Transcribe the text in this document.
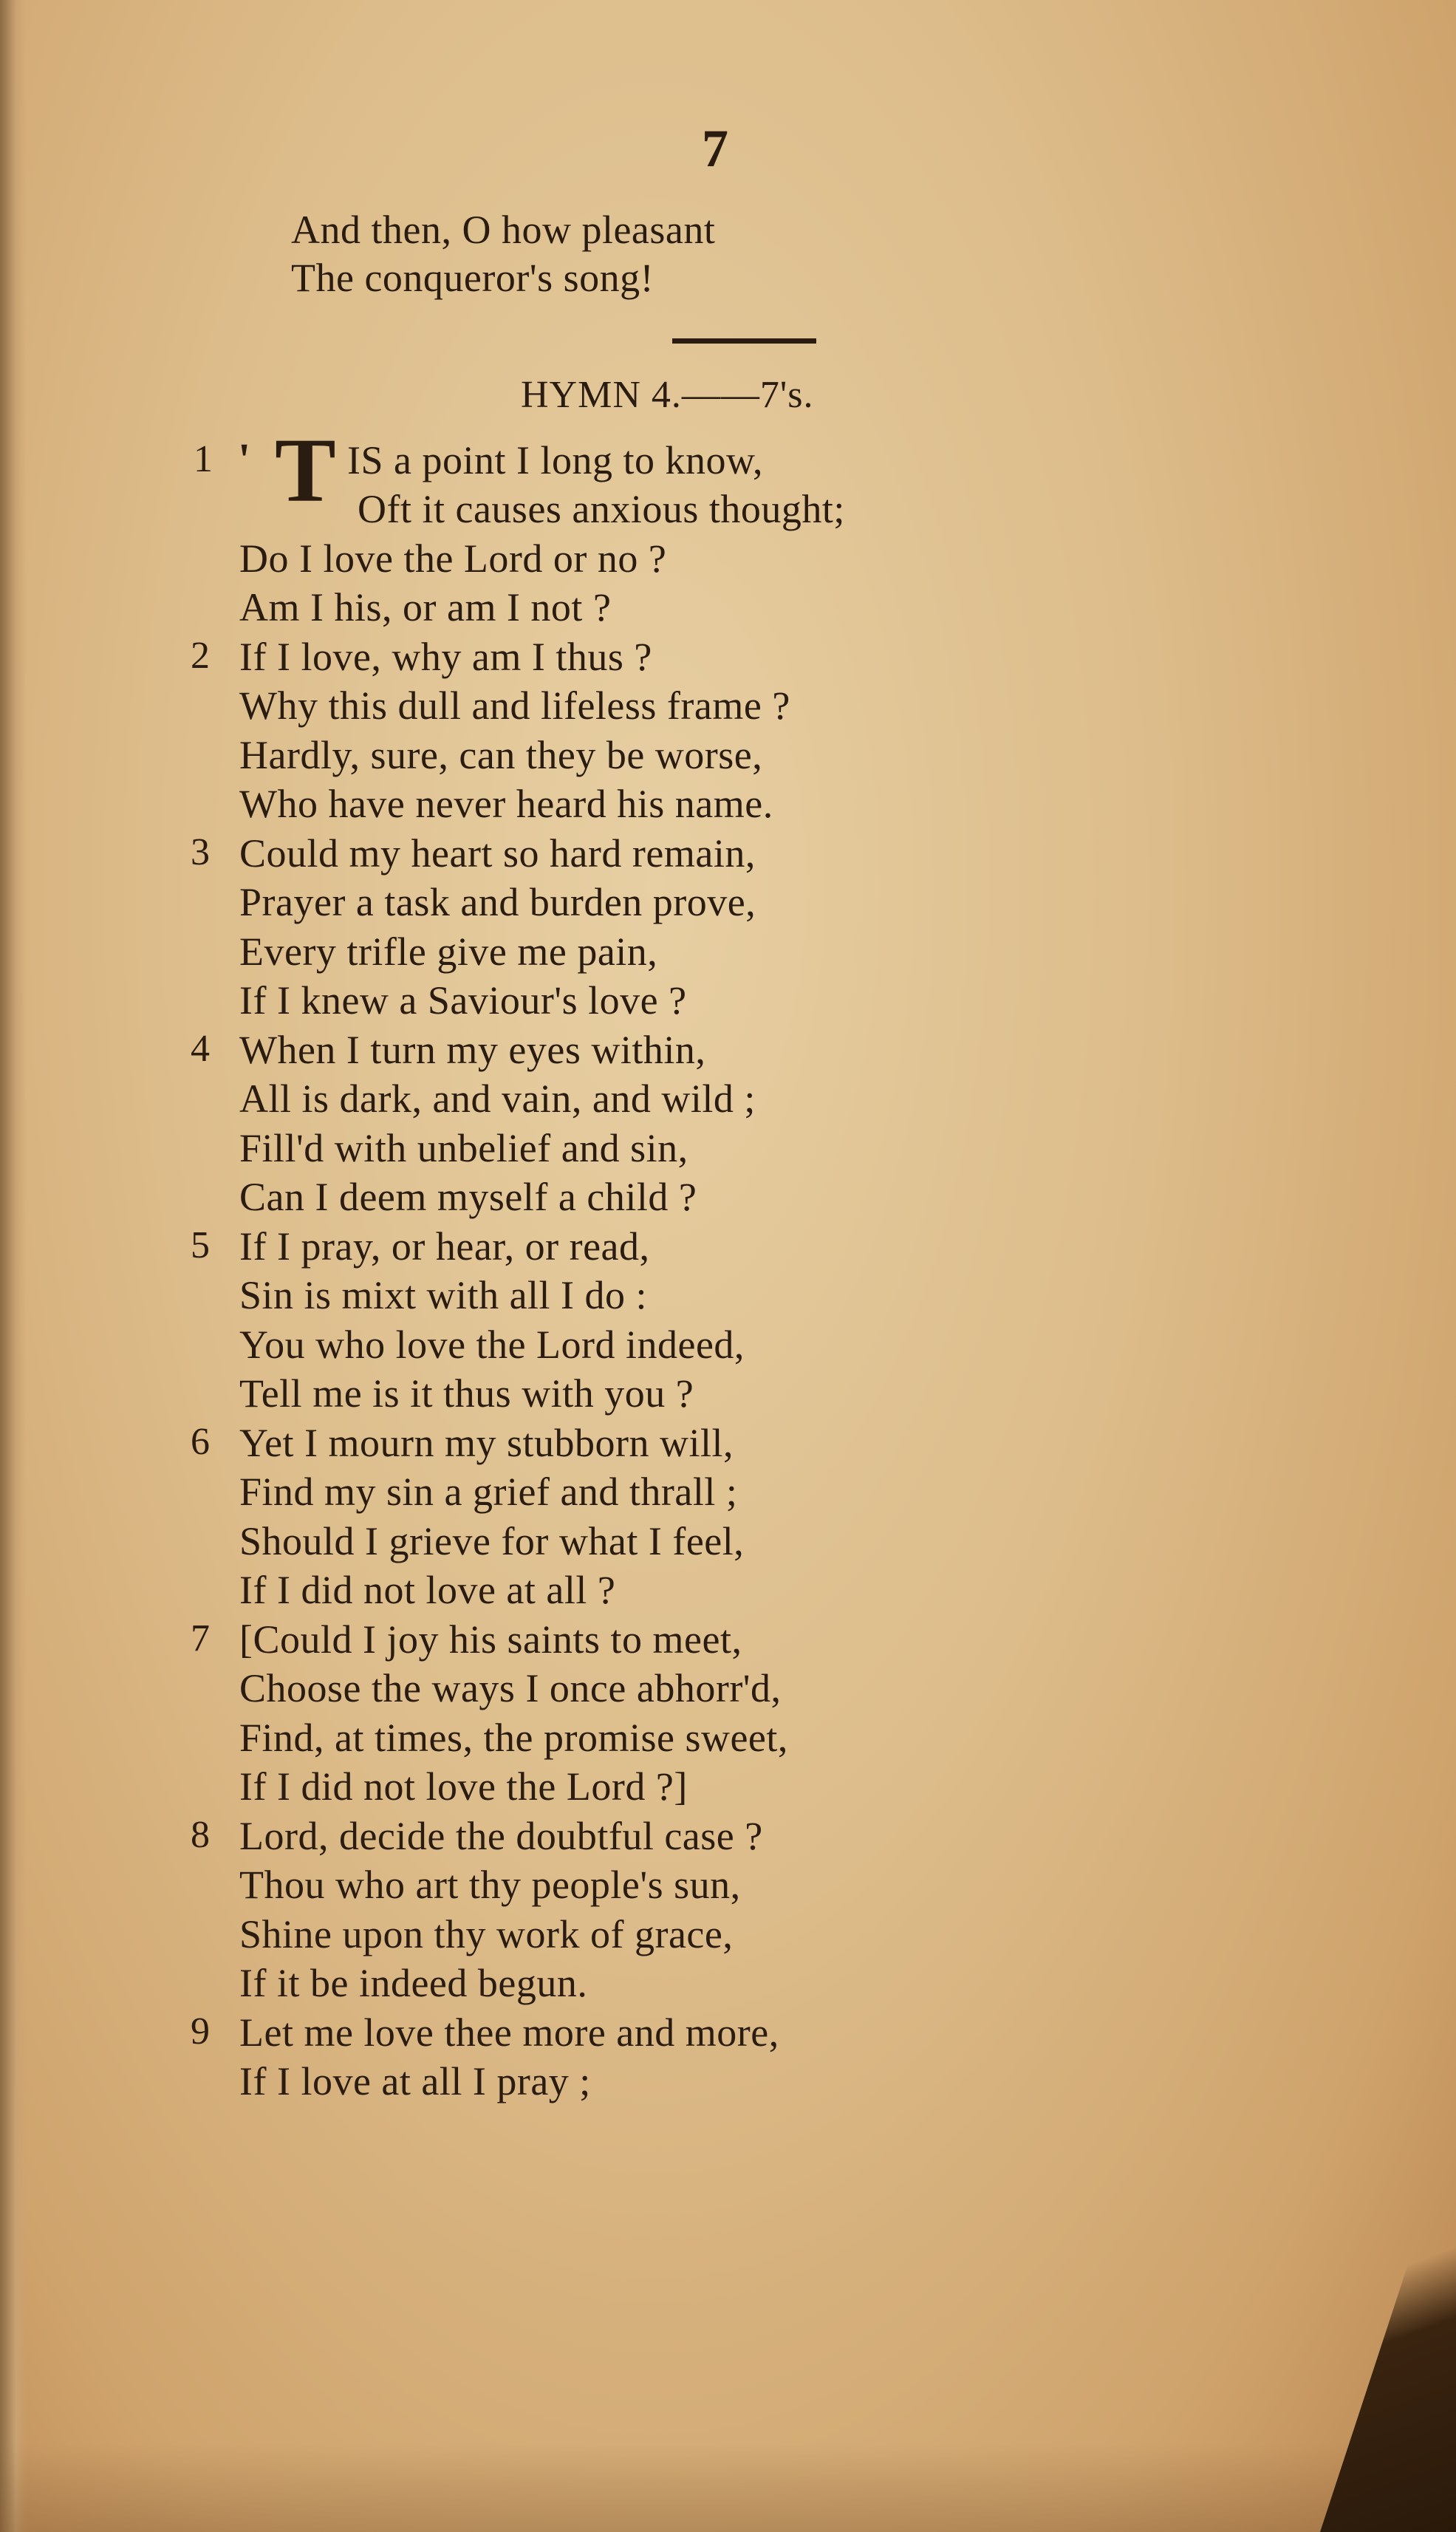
7
And then, O how pleasant
The conqueror's song!
HYMN 4.——7's.
1 ' T IS a point I long to know,
Oft it causes anxious thought;
Do I love the Lord or no ?
Am I his, or am I not ?
2 If I love, why am I thus ?
Why this dull and lifeless frame ?
Hardly, sure, can they be worse,
Who have never heard his name.
3 Could my heart so hard remain,
Prayer a task and burden prove,
Every trifle give me pain,
If I knew a Saviour's love ?
4 When I turn my eyes within,
All is dark, and vain, and wild ;
Fill'd with unbelief and sin,
Can I deem myself a child ?
5 If I pray, or hear, or read,
Sin is mixt with all I do :
You who love the Lord indeed,
Tell me is it thus with you ?
6 Yet I mourn my stubborn will,
Find my sin a grief and thrall ;
Should I grieve for what I feel,
If I did not love at all ?
7 [Could I joy his saints to meet,
Choose the ways I once abhorr'd,
Find, at times, the promise sweet,
If I did not love the Lord ?]
8 Lord, decide the doubtful case ?
Thou who art thy people's sun,
Shine upon thy work of grace,
If it be indeed begun.
9 Let me love thee more and more,
If I love at all I pray ;
